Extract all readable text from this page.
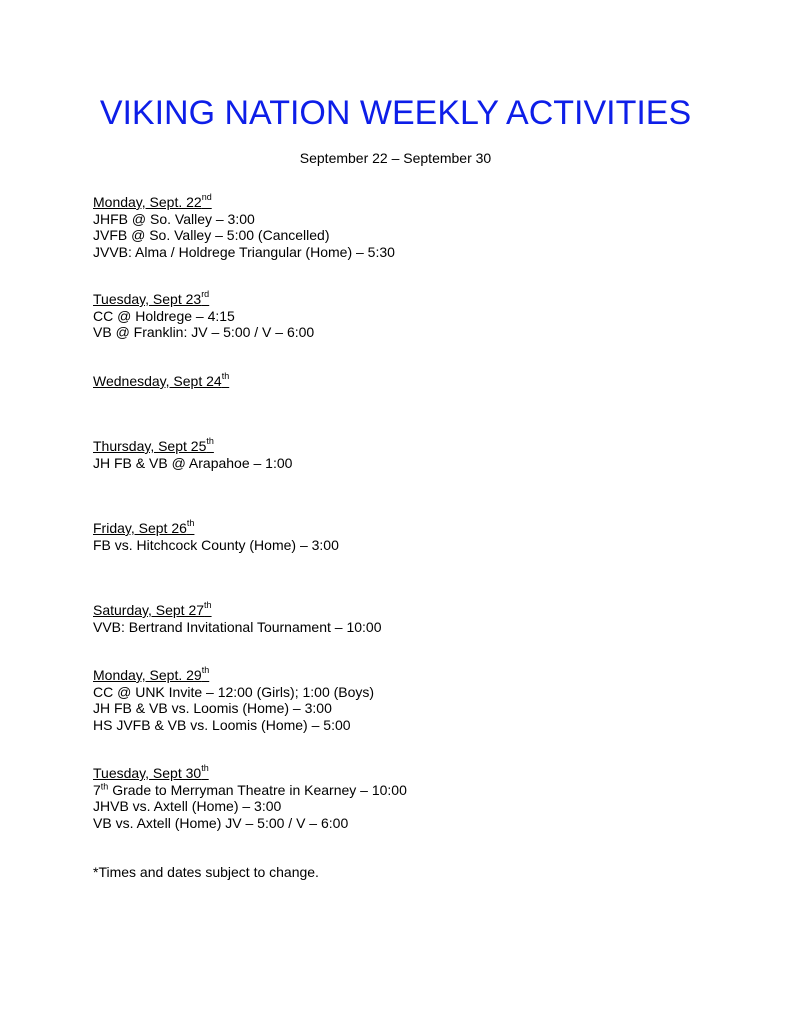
VIKING NATION WEEKLY ACTIVITIES
September 22 – September 30
Monday, Sept. 22nd
JHFB @ So. Valley – 3:00
JVFB @ So. Valley – 5:00 (Cancelled)
JVVB: Alma / Holdrege Triangular (Home) – 5:30
Tuesday, Sept 23rd
CC @ Holdrege – 4:15
VB @ Franklin: JV – 5:00 / V – 6:00
Wednesday, Sept 24th
Thursday, Sept 25th
JH FB & VB @ Arapahoe – 1:00
Friday, Sept 26th
FB vs. Hitchcock County (Home) – 3:00
Saturday, Sept 27th
VVB: Bertrand Invitational Tournament – 10:00
Monday, Sept. 29th
CC @ UNK Invite – 12:00 (Girls); 1:00 (Boys)
JH FB & VB vs. Loomis (Home) – 3:00
HS JVFB & VB vs. Loomis (Home) – 5:00
Tuesday, Sept 30th
7th Grade to Merryman Theatre in Kearney – 10:00
JHVB vs. Axtell (Home) – 3:00
VB vs. Axtell (Home) JV – 5:00 / V – 6:00
*Times and dates subject to change.
